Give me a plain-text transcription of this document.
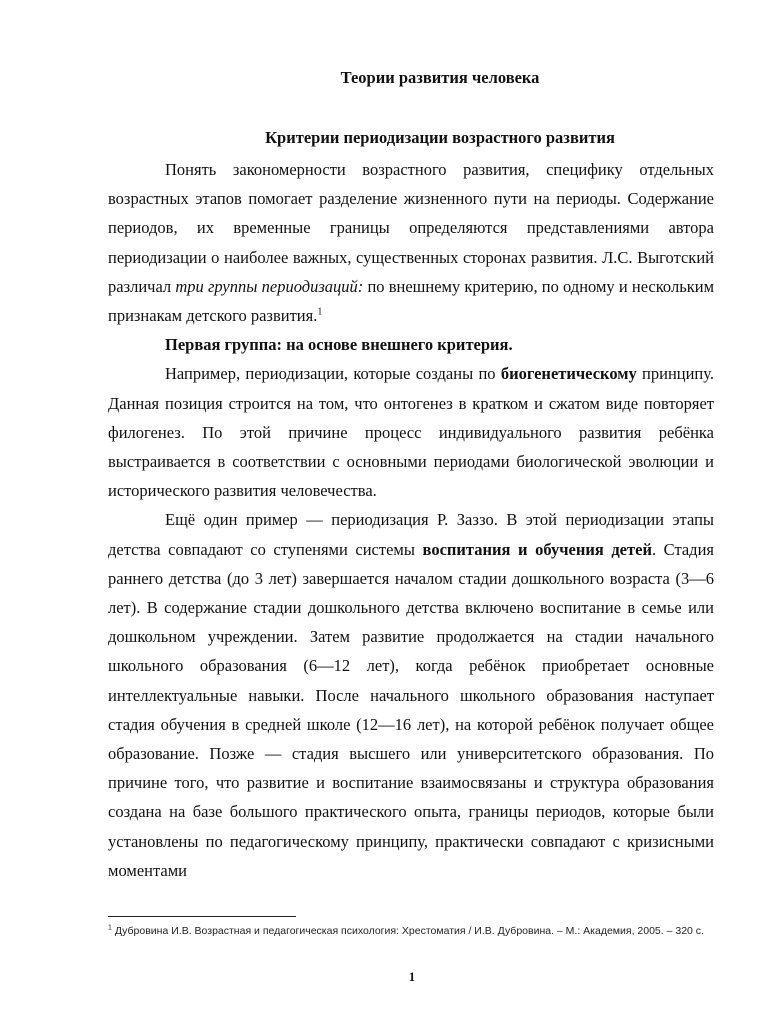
Теории развития человека
Критерии периодизации возрастного развития

Понять закономерности возрастного развития, специфику отдельных возрастных этапов помогает разделение жизненного пути на периоды. Содержание периодов, их временные границы определяются представлениями автора периодизации о наиболее важных, существенных сторонах развития. Л.С. Выготский различал три группы периодизаций: по внешнему критерию, по одному и нескольким признакам детского развития.$^1$

Первая группа: на основе внешнего критерия.

Например, периодизации, которые созданы по биогенетическому принципу. Данная позиция строится на том, что онтогенез в кратком и сжатом виде повторяет филогенез. По этой причине процесс индивидуального развития ребёнка выстраивается в соответствии с основными периодами биологической эволюции и исторического развития человечества.

Ещё один пример — периодизация Р. Заззо. В этой периодизации этапы детства совпадают со ступенями системы воспитания и обучения детей. Стадия раннего детства (до 3 лет) завершается началом стадии дошкольного возраста (3—6 лет). В содержание стадии дошкольного детства включено воспитание в семье или дошкольном учреждении. Затем развитие продолжается на стадии начального школьного образования (6—12 лет), когда ребёнок приобретает основные интеллектуальные навыки. После начального школьного образования наступает стадия обучения в средней школе (12—16 лет), на которой ребёнок получает общее образование. Позже — стадия высшего или университетского образования. По причине того, что развитие и воспитание взаимосвязаны и структура образования создана на базе большого практического опыта, границы периодов, которые были установлены по педагогическому принципу, практически совпадают с кризисными моментами

$^1$ Дубровина И.В. Возрастная и педагогическая психология: Хрестоматия / И.В. Дубровина. – М.: Академия, 2005. – 320 с.
1
